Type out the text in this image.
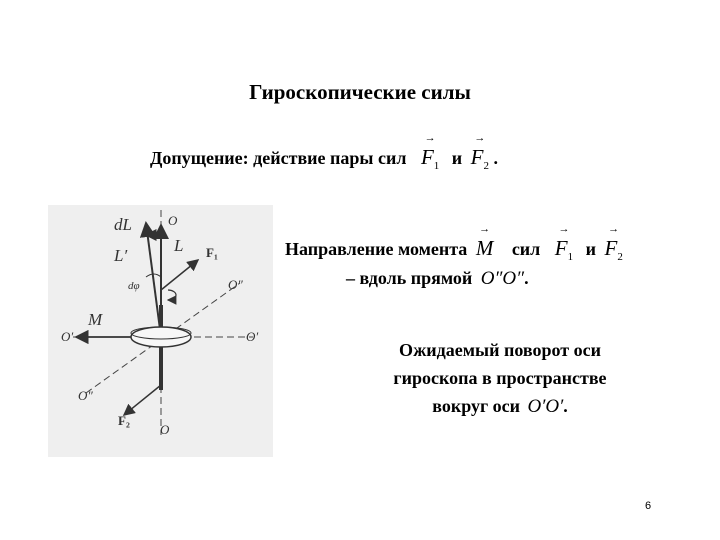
Гироскопические силы
Допущение: действие пары сил
→
$F_1$ и
→
$F_2$ .
dL
L
L′
O
F₁
dφ	O″
O′
M
O′
O″
F₂
O
Направление момента
→
M сил
→
$F_1$ и
→
$F_2$
– вдоль прямой O″O″.
Ожидаемый поворот оси
гироскопа в пространстве
вокруг оси O′O′.
6
